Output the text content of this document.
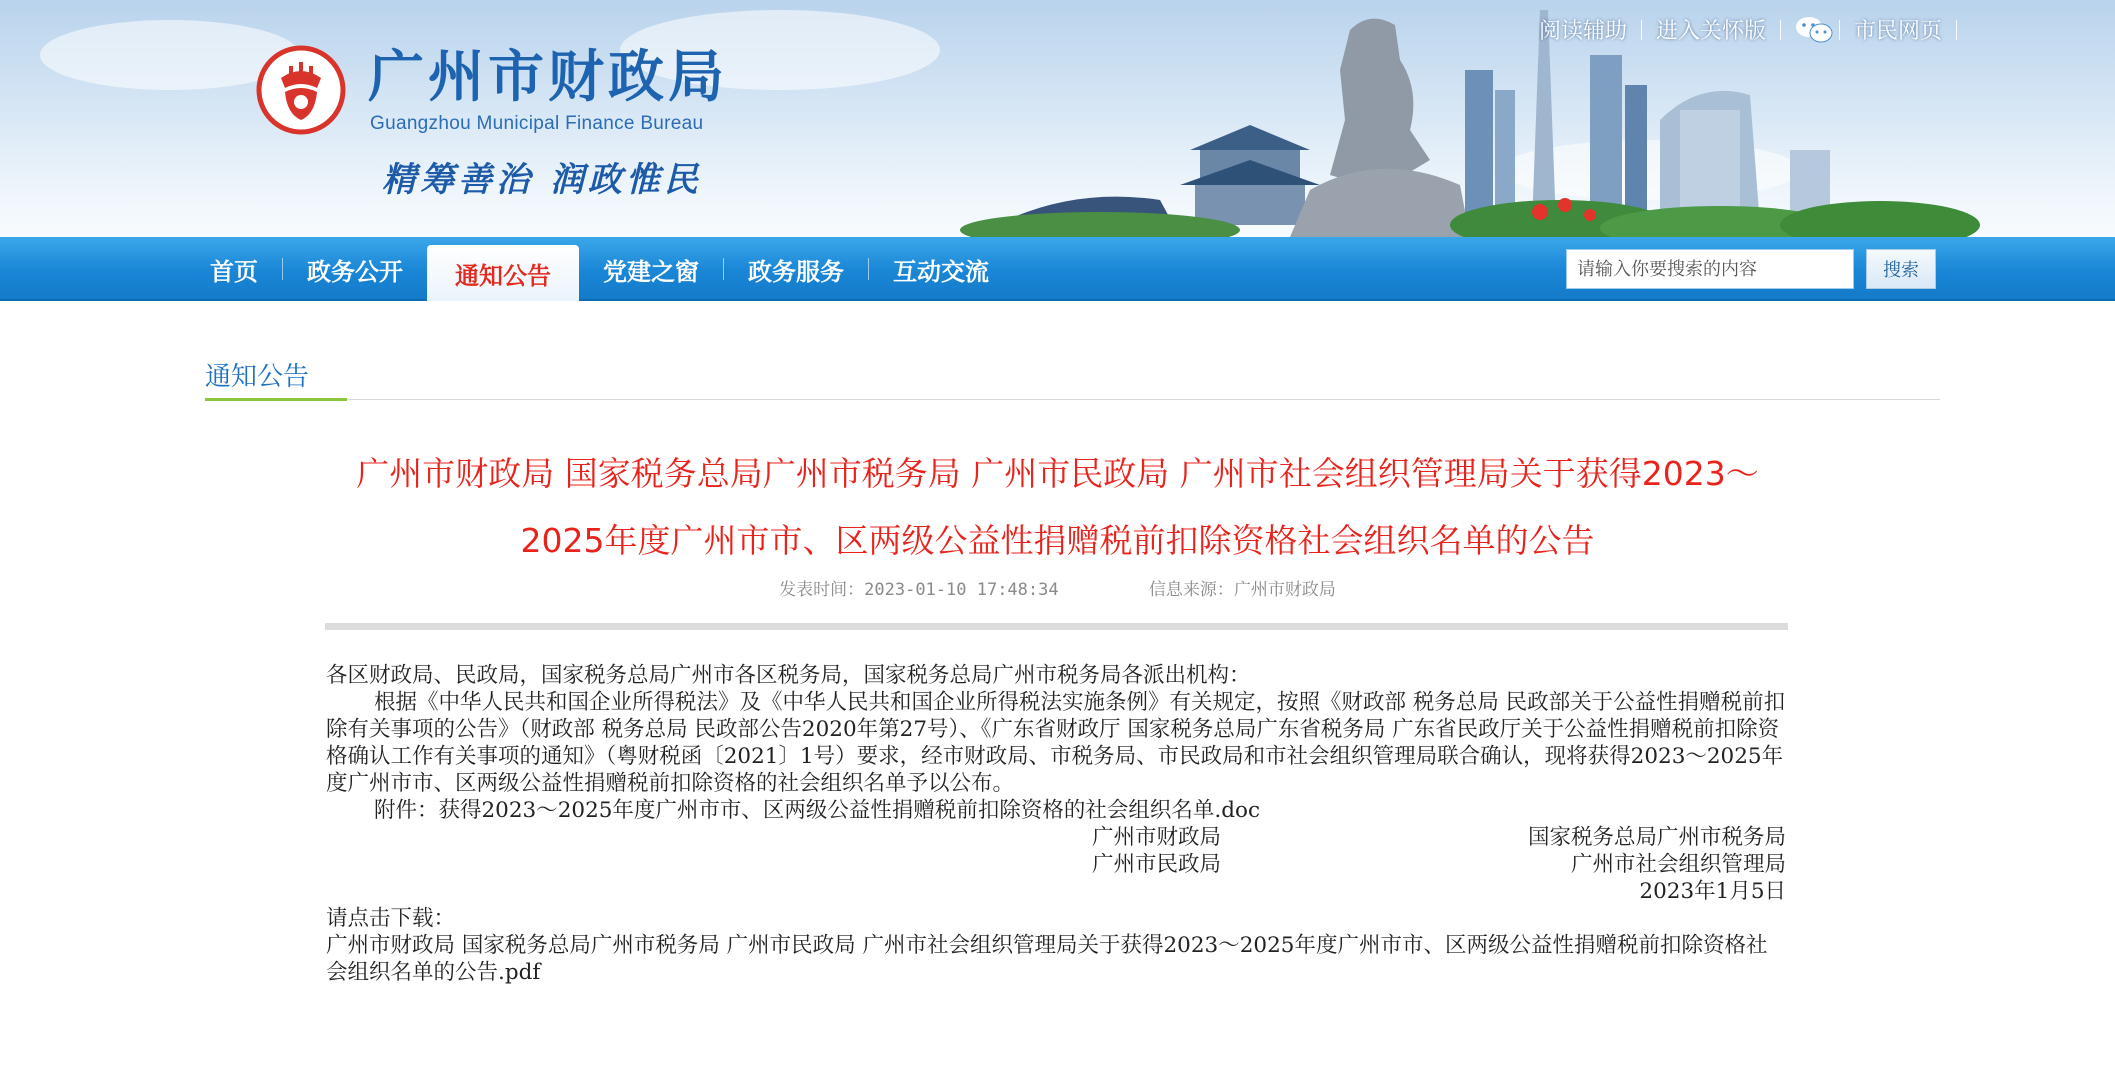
广州市财政局
Guangzhou Municipal Finance Bureau
精筹善治 润政惟民
阅读辅助	进入关怀版	市民网页
首页	政务公开	通知公告	党建之窗	政务服务	互动交流
请输入你要搜索的内容	搜索
通知公告
广州市财政局 国家税务总局广州市税务局 广州市民政局 广州市社会组织管理局关于获得2023～
2025年度广州市市、区两级公益性捐赠税前扣除资格社会组织名单的公告
发表时间：2023-01-10 17:48:34	信息来源：广州市财政局

各区财政局、民政局，国家税务总局广州市各区税务局，国家税务总局广州市税务局各派出机构：

根据《中华人民共和国企业所得税法》及《中华人民共和国企业所得税法实施条例》有关规定，按照《财政部 税务总局 民政部关于公益性捐赠税前扣除有关事项的公告》（财政部 税务总局 民政部公告2020年第27号）、《广东省财政厅 国家税务总局广东省税务局 广东省民政厅关于公益性捐赠税前扣除资格确认工作有关事项的通知》（粤财税函〔2021〕1号）要求，经市财政局、市税务局、市民政局和市社会组织管理局联合确认，现将获得2023～2025年度广州市市、区两级公益性捐赠税前扣除资格的社会组织名单予以公布。

附件：获得2023～2025年度广州市市、区两级公益性捐赠税前扣除资格的社会组织名单.doc

广州市财政局	国家税务总局广州市税务局
广州市民政局	广州市社会组织管理局

2023年1月5日

请点击下载：

广州市财政局 国家税务总局广州市税务局 广州市民政局 广州市社会组织管理局关于获得2023～2025年度广州市市、区两级公益性捐赠税前扣除资格社会组织名单的公告.pdf
